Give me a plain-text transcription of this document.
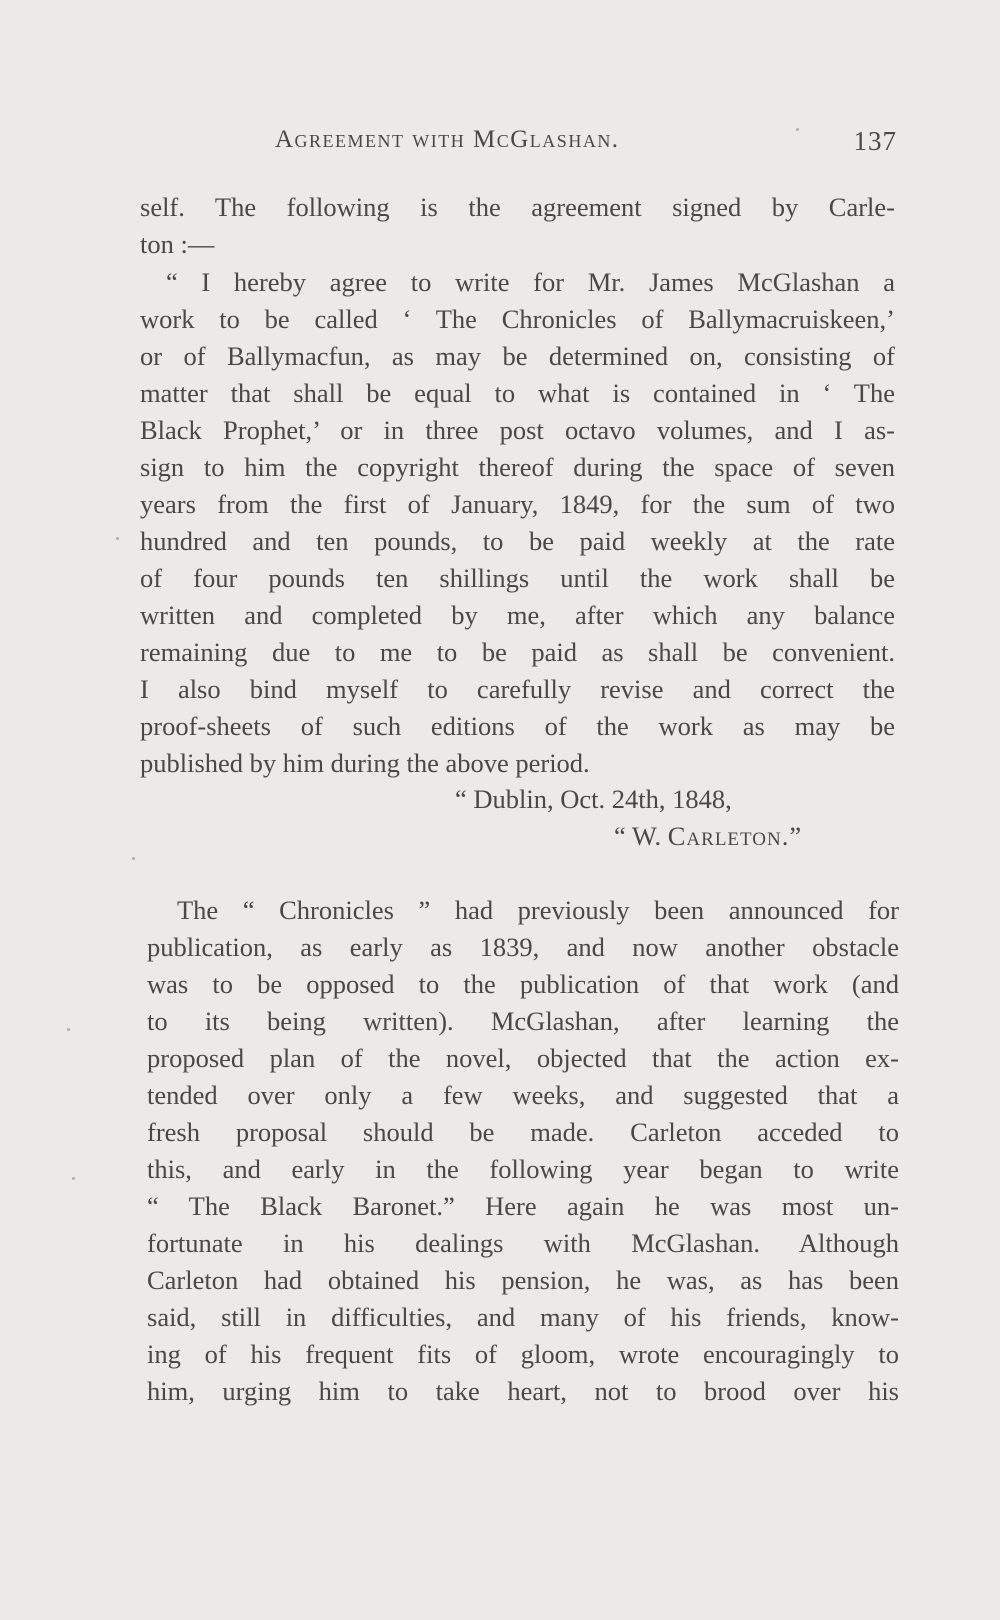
Agreement with McGlashan.	137
self. The following is the agreement signed by Carle-
ton :—
“ I hereby agree to write for Mr. James McGlashan a
work to be called ‘ The Chronicles of Ballymacruiskeen,’
or of Ballymacfun, as may be determined on, consisting of
matter that shall be equal to what is contained in ‘ The
Black Prophet,’ or in three post octavo volumes, and I as-
sign to him the copyright thereof during the space of seven
years from the first of January, 1849, for the sum of two
hundred and ten pounds, to be paid weekly at the rate
of four pounds ten shillings until the work shall be
written and completed by me, after which any balance
remaining due to me to be paid as shall be convenient.
I also bind myself to carefully revise and correct the
proof-sheets of such editions of the work as may be
published by him during the above period.
“ Dublin, Oct. 24th, 1848,
“ W. Carleton.”
The “ Chronicles ” had previously been announced for
publication, as early as 1839, and now another obstacle
was to be opposed to the publication of that work (and
to its being written). McGlashan, after learning the
proposed plan of the novel, objected that the action ex-
tended over only a few weeks, and suggested that a
fresh proposal should be made. Carleton acceded to
this, and early in the following year began to write
“ The Black Baronet.” Here again he was most un-
fortunate in his dealings with McGlashan. Although
Carleton had obtained his pension, he was, as has been
said, still in difficulties, and many of his friends, know-
ing of his frequent fits of gloom, wrote encouragingly to
him, urging him to take heart, not to brood over his
